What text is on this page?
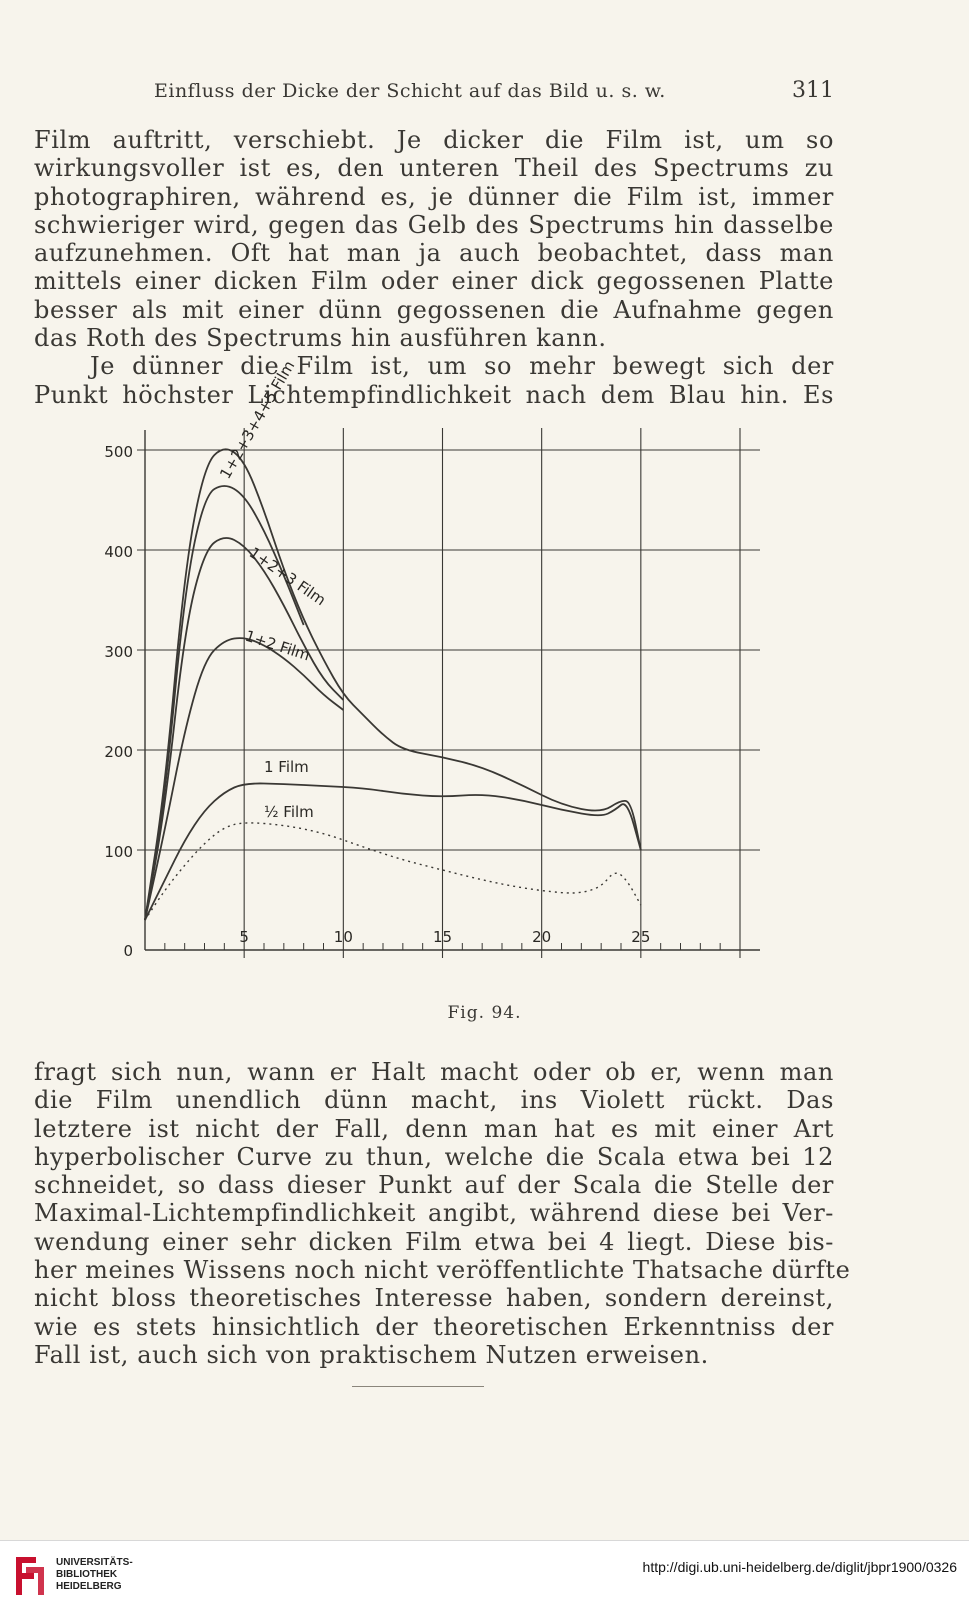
Einfluss der Dicke der Schicht auf das Bild u. s. w.	311
Film auftritt, verschiebt. Je dicker die Film ist, um so
wirkungsvoller ist es, den unteren Theil des Spectrums zu
photographiren, während es, je dünner die Film ist, immer
schwieriger wird, gegen das Gelb des Spectrums hin dasselbe
aufzunehmen. Oft hat man ja auch beobachtet, dass man
mittels einer dicken Film oder einer dick gegossenen Platte
besser als mit einer dünn gegossenen die Aufnahme gegen
das Roth des Spectrums hin ausführen kann.
Je dünner die Film ist, um so mehr bewegt sich der
Punkt höchster Lichtempfindlichkeit nach dem Blau hin. Es
0
100
200
300
400
500
5	10	15	20	25
1+2+3+4+5 Film
1+2+3 Film
1+2 Film
1 Film
½ Film
Fig. 94.
fragt sich nun, wann er Halt macht oder ob er, wenn man
die Film unendlich dünn macht, ins Violett rückt. Das
letztere ist nicht der Fall, denn man hat es mit einer Art
hyperbolischer Curve zu thun, welche die Scala etwa bei 12
schneidet, so dass dieser Punkt auf der Scala die Stelle der
Maximal-Lichtempfindlichkeit angibt, während diese bei Ver-
wendung einer sehr dicken Film etwa bei 4 liegt. Diese bis-
her meines Wissens noch nicht veröffentlichte Thatsache dürfte
nicht bloss theoretisches Interesse haben, sondern dereinst,
wie es stets hinsichtlich der theoretischen Erkenntniss der
Fall ist, auch sich von praktischem Nutzen erweisen.
UNIVERSITÄTS-
BIBLIOTHEK
HEIDELBERG
http://digi.ub.uni-heidelberg.de/diglit/jbpr1900/0326
